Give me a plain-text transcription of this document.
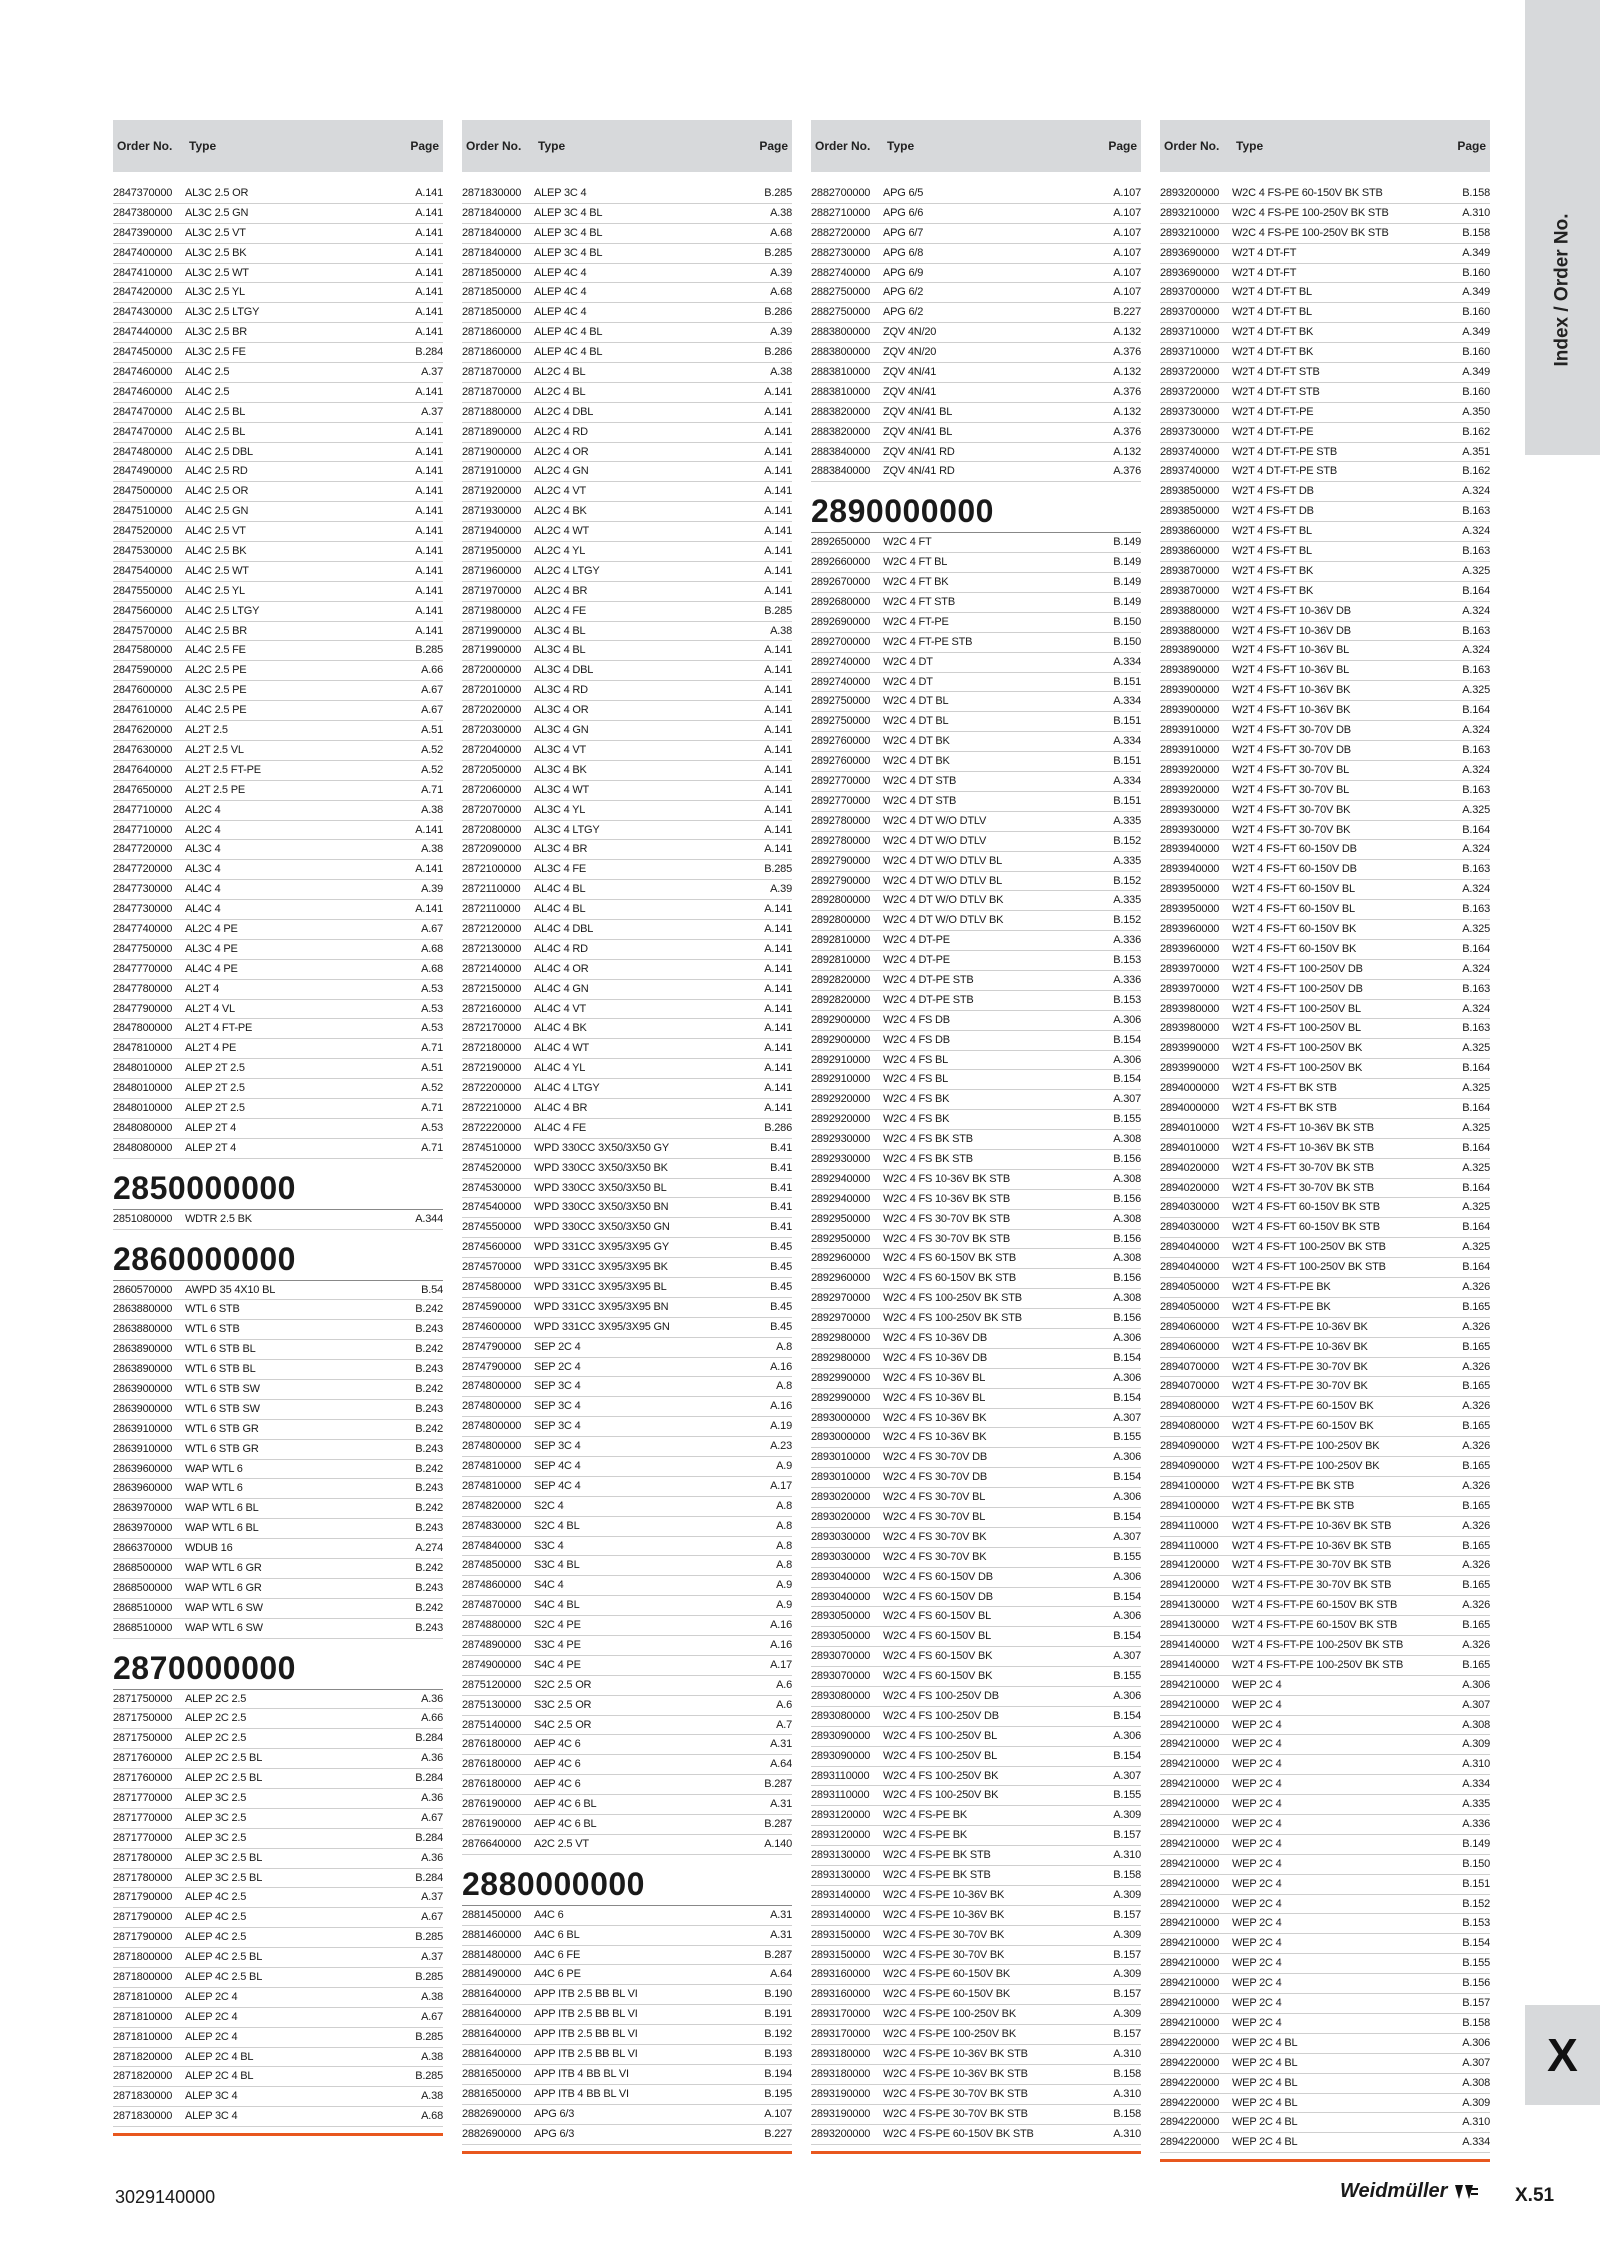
Index / Order No.
Order No.	Type	Page
2847370000	AL3C 2.5 OR	A.141
2847380000	AL3C 2.5 GN	A.141
2847390000	AL3C 2.5 VT	A.141
2847400000	AL3C 2.5 BK	A.141
2847410000	AL3C 2.5 WT	A.141
2847420000	AL3C 2.5 YL	A.141
2847430000	AL3C 2.5 LTGY	A.141
2847440000	AL3C 2.5 BR	A.141
2847450000	AL3C 2.5 FE	B.284
2847460000	AL4C 2.5	A.37
2847460000	AL4C 2.5	A.141
2847470000	AL4C 2.5 BL	A.37
2847470000	AL4C 2.5 BL	A.141
2847480000	AL4C 2.5 DBL	A.141
2847490000	AL4C 2.5 RD	A.141
2847500000	AL4C 2.5 OR	A.141
2847510000	AL4C 2.5 GN	A.141
2847520000	AL4C 2.5 VT	A.141
2847530000	AL4C 2.5 BK	A.141
2847540000	AL4C 2.5 WT	A.141
2847550000	AL4C 2.5 YL	A.141
2847560000	AL4C 2.5 LTGY	A.141
2847570000	AL4C 2.5 BR	A.141
2847580000	AL4C 2.5 FE	B.285
2847590000	AL2C 2.5 PE	A.66
2847600000	AL3C 2.5 PE	A.67
2847610000	AL4C 2.5 PE	A.67
2847620000	AL2T 2.5	A.51
2847630000	AL2T 2.5 VL	A.52
2847640000	AL2T 2.5 FT-PE	A.52
2847650000	AL2T 2.5 PE	A.71
2847710000	AL2C 4	A.38
2847710000	AL2C 4	A.141
2847720000	AL3C 4	A.38
2847720000	AL3C 4	A.141
2847730000	AL4C 4	A.39
2847730000	AL4C 4	A.141
2847740000	AL2C 4 PE	A.67
2847750000	AL3C 4 PE	A.68
2847770000	AL4C 4 PE	A.68
2847780000	AL2T 4	A.53
2847790000	AL2T 4 VL	A.53
2847800000	AL2T 4 FT-PE	A.53
2847810000	AL2T 4 PE	A.71
2848010000	ALEP 2T 2.5	A.51
2848010000	ALEP 2T 2.5	A.52
2848010000	ALEP 2T 2.5	A.71
2848080000	ALEP 2T 4	A.53
2848080000	ALEP 2T 4	A.71
2850000000
2851080000	WDTR 2.5 BK	A.344
2860000000
2860570000	AWPD 35 4X10 BL	B.54
2863880000	WTL 6 STB	B.242
2863880000	WTL 6 STB	B.243
2863890000	WTL 6 STB BL	B.242
2863890000	WTL 6 STB BL	B.243
2863900000	WTL 6 STB SW	B.242
2863900000	WTL 6 STB SW	B.243
2863910000	WTL 6 STB GR	B.242
2863910000	WTL 6 STB GR	B.243
2863960000	WAP WTL 6	B.242
2863960000	WAP WTL 6	B.243
2863970000	WAP WTL 6 BL	B.242
2863970000	WAP WTL 6 BL	B.243
2866370000	WDUB 16	A.274
2868500000	WAP WTL 6 GR	B.242
2868500000	WAP WTL 6 GR	B.243
2868510000	WAP WTL 6 SW	B.242
2868510000	WAP WTL 6 SW	B.243
2870000000
2871750000	ALEP 2C 2.5	A.36
2871750000	ALEP 2C 2.5	A.66
2871750000	ALEP 2C 2.5	B.284
2871760000	ALEP 2C 2.5 BL	A.36
2871760000	ALEP 2C 2.5 BL	B.284
2871770000	ALEP 3C 2.5	A.36
2871770000	ALEP 3C 2.5	A.67
2871770000	ALEP 3C 2.5	B.284
2871780000	ALEP 3C 2.5 BL	A.36
2871780000	ALEP 3C 2.5 BL	B.284
2871790000	ALEP 4C 2.5	A.37
2871790000	ALEP 4C 2.5	A.67
2871790000	ALEP 4C 2.5	B.285
2871800000	ALEP 4C 2.5 BL	A.37
2871800000	ALEP 4C 2.5 BL	B.285
2871810000	ALEP 2C 4	A.38
2871810000	ALEP 2C 4	A.67
2871810000	ALEP 2C 4	B.285
2871820000	ALEP 2C 4 BL	A.38
2871820000	ALEP 2C 4 BL	B.285
2871830000	ALEP 3C 4	A.38
2871830000	ALEP 3C 4	A.68
Order No.	Type	Page
2871830000	ALEP 3C 4	B.285
2871840000	ALEP 3C 4 BL	A.38
2871840000	ALEP 3C 4 BL	A.68
2871840000	ALEP 3C 4 BL	B.285
2871850000	ALEP 4C 4	A.39
2871850000	ALEP 4C 4	A.68
2871850000	ALEP 4C 4	B.286
2871860000	ALEP 4C 4 BL	A.39
2871860000	ALEP 4C 4 BL	B.286
2871870000	AL2C 4 BL	A.38
2871870000	AL2C 4 BL	A.141
2871880000	AL2C 4 DBL	A.141
2871890000	AL2C 4 RD	A.141
2871900000	AL2C 4 OR	A.141
2871910000	AL2C 4 GN	A.141
2871920000	AL2C 4 VT	A.141
2871930000	AL2C 4 BK	A.141
2871940000	AL2C 4 WT	A.141
2871950000	AL2C 4 YL	A.141
2871960000	AL2C 4 LTGY	A.141
2871970000	AL2C 4 BR	A.141
2871980000	AL2C 4 FE	B.285
2871990000	AL3C 4 BL	A.38
2871990000	AL3C 4 BL	A.141
2872000000	AL3C 4 DBL	A.141
2872010000	AL3C 4 RD	A.141
2872020000	AL3C 4 OR	A.141
2872030000	AL3C 4 GN	A.141
2872040000	AL3C 4 VT	A.141
2872050000	AL3C 4 BK	A.141
2872060000	AL3C 4 WT	A.141
2872070000	AL3C 4 YL	A.141
2872080000	AL3C 4 LTGY	A.141
2872090000	AL3C 4 BR	A.141
2872100000	AL3C 4 FE	B.285
2872110000	AL4C 4 BL	A.39
2872110000	AL4C 4 BL	A.141
2872120000	AL4C 4 DBL	A.141
2872130000	AL4C 4 RD	A.141
2872140000	AL4C 4 OR	A.141
2872150000	AL4C 4 GN	A.141
2872160000	AL4C 4 VT	A.141
2872170000	AL4C 4 BK	A.141
2872180000	AL4C 4 WT	A.141
2872190000	AL4C 4 YL	A.141
2872200000	AL4C 4 LTGY	A.141
2872210000	AL4C 4 BR	A.141
2872220000	AL4C 4 FE	B.286
2874510000	WPD 330CC 3X50/3X50 GY	B.41
2874520000	WPD 330CC 3X50/3X50 BK	B.41
2874530000	WPD 330CC 3X50/3X50 BL	B.41
2874540000	WPD 330CC 3X50/3X50 BN	B.41
2874550000	WPD 330CC 3X50/3X50 GN	B.41
2874560000	WPD 331CC 3X95/3X95 GY	B.45
2874570000	WPD 331CC 3X95/3X95 BK	B.45
2874580000	WPD 331CC 3X95/3X95 BL	B.45
2874590000	WPD 331CC 3X95/3X95 BN	B.45
2874600000	WPD 331CC 3X95/3X95 GN	B.45
2874790000	SEP 2C 4	A.8
2874790000	SEP 2C 4	A.16
2874800000	SEP 3C 4	A.8
2874800000	SEP 3C 4	A.16
2874800000	SEP 3C 4	A.19
2874800000	SEP 3C 4	A.23
2874810000	SEP 4C 4	A.9
2874810000	SEP 4C 4	A.17
2874820000	S2C 4	A.8
2874830000	S2C 4 BL	A.8
2874840000	S3C 4	A.8
2874850000	S3C 4 BL	A.8
2874860000	S4C 4	A.9
2874870000	S4C 4 BL	A.9
2874880000	S2C 4 PE	A.16
2874890000	S3C 4 PE	A.16
2874900000	S4C 4 PE	A.17
2875120000	S2C 2.5 OR	A.6
2875130000	S3C 2.5 OR	A.6
2875140000	S4C 2.5 OR	A.7
2876180000	AEP 4C 6	A.31
2876180000	AEP 4C 6	A.64
2876180000	AEP 4C 6	B.287
2876190000	AEP 4C 6 BL	A.31
2876190000	AEP 4C 6 BL	B.287
2876640000	A2C 2.5 VT	A.140
2880000000
2881450000	A4C 6	A.31
2881460000	A4C 6 BL	A.31
2881480000	A4C 6 FE	B.287
2881490000	A4C 6 PE	A.64
2881640000	APP ITB 2.5 BB BL VI	B.190
2881640000	APP ITB 2.5 BB BL VI	B.191
2881640000	APP ITB 2.5 BB BL VI	B.192
2881640000	APP ITB 2.5 BB BL VI	B.193
2881650000	APP ITB 4 BB BL VI	B.194
2881650000	APP ITB 4 BB BL VI	B.195
2882690000	APG 6/3	A.107
2882690000	APG 6/3	B.227
Order No.	Type	Page
2882700000	APG 6/5	A.107
2882710000	APG 6/6	A.107
2882720000	APG 6/7	A.107
2882730000	APG 6/8	A.107
2882740000	APG 6/9	A.107
2882750000	APG 6/2	A.107
2882750000	APG 6/2	B.227
2883800000	ZQV 4N/20	A.132
2883800000	ZQV 4N/20	A.376
2883810000	ZQV 4N/41	A.132
2883810000	ZQV 4N/41	A.376
2883820000	ZQV 4N/41 BL	A.132
2883820000	ZQV 4N/41 BL	A.376
2883840000	ZQV 4N/41 RD	A.132
2883840000	ZQV 4N/41 RD	A.376
2890000000
2892650000	W2C 4 FT	B.149
2892660000	W2C 4 FT BL	B.149
2892670000	W2C 4 FT BK	B.149
2892680000	W2C 4 FT STB	B.149
2892690000	W2C 4 FT-PE	B.150
2892700000	W2C 4 FT-PE STB	B.150
2892740000	W2C 4 DT	A.334
2892740000	W2C 4 DT	B.151
2892750000	W2C 4 DT BL	A.334
2892750000	W2C 4 DT BL	B.151
2892760000	W2C 4 DT BK	A.334
2892760000	W2C 4 DT BK	B.151
2892770000	W2C 4 DT STB	A.334
2892770000	W2C 4 DT STB	B.151
2892780000	W2C 4 DT W/O DTLV	A.335
2892780000	W2C 4 DT W/O DTLV	B.152
2892790000	W2C 4 DT W/O DTLV BL	A.335
2892790000	W2C 4 DT W/O DTLV BL	B.152
2892800000	W2C 4 DT W/O DTLV BK	A.335
2892800000	W2C 4 DT W/O DTLV BK	B.152
2892810000	W2C 4 DT-PE	A.336
2892810000	W2C 4 DT-PE	B.153
2892820000	W2C 4 DT-PE STB	A.336
2892820000	W2C 4 DT-PE STB	B.153
2892900000	W2C 4 FS DB	A.306
2892900000	W2C 4 FS DB	B.154
2892910000	W2C 4 FS BL	A.306
2892910000	W2C 4 FS BL	B.154
2892920000	W2C 4 FS BK	A.307
2892920000	W2C 4 FS BK	B.155
2892930000	W2C 4 FS BK STB	A.308
2892930000	W2C 4 FS BK STB	B.156
2892940000	W2C 4 FS 10-36V BK STB	A.308
2892940000	W2C 4 FS 10-36V BK STB	B.156
2892950000	W2C 4 FS 30-70V BK STB	A.308
2892950000	W2C 4 FS 30-70V BK STB	B.156
2892960000	W2C 4 FS 60-150V BK STB	A.308
2892960000	W2C 4 FS 60-150V BK STB	B.156
2892970000	W2C 4 FS 100-250V BK STB	A.308
2892970000	W2C 4 FS 100-250V BK STB	B.156
2892980000	W2C 4 FS 10-36V DB	A.306
2892980000	W2C 4 FS 10-36V DB	B.154
2892990000	W2C 4 FS 10-36V BL	A.306
2892990000	W2C 4 FS 10-36V BL	B.154
2893000000	W2C 4 FS 10-36V BK	A.307
2893000000	W2C 4 FS 10-36V BK	B.155
2893010000	W2C 4 FS 30-70V DB	A.306
2893010000	W2C 4 FS 30-70V DB	B.154
2893020000	W2C 4 FS 30-70V BL	A.306
2893020000	W2C 4 FS 30-70V BL	B.154
2893030000	W2C 4 FS 30-70V BK	A.307
2893030000	W2C 4 FS 30-70V BK	B.155
2893040000	W2C 4 FS 60-150V DB	A.306
2893040000	W2C 4 FS 60-150V DB	B.154
2893050000	W2C 4 FS 60-150V BL	A.306
2893050000	W2C 4 FS 60-150V BL	B.154
2893070000	W2C 4 FS 60-150V BK	A.307
2893070000	W2C 4 FS 60-150V BK	B.155
2893080000	W2C 4 FS 100-250V DB	A.306
2893080000	W2C 4 FS 100-250V DB	B.154
2893090000	W2C 4 FS 100-250V BL	A.306
2893090000	W2C 4 FS 100-250V BL	B.154
2893110000	W2C 4 FS 100-250V BK	A.307
2893110000	W2C 4 FS 100-250V BK	B.155
2893120000	W2C 4 FS-PE BK	A.309
2893120000	W2C 4 FS-PE BK	B.157
2893130000	W2C 4 FS-PE BK STB	A.310
2893130000	W2C 4 FS-PE BK STB	B.158
2893140000	W2C 4 FS-PE 10-36V BK	A.309
2893140000	W2C 4 FS-PE 10-36V BK	B.157
2893150000	W2C 4 FS-PE 30-70V BK	A.309
2893150000	W2C 4 FS-PE 30-70V BK	B.157
2893160000	W2C 4 FS-PE 60-150V BK	A.309
2893160000	W2C 4 FS-PE 60-150V BK	B.157
2893170000	W2C 4 FS-PE 100-250V BK	A.309
2893170000	W2C 4 FS-PE 100-250V BK	B.157
2893180000	W2C 4 FS-PE 10-36V BK STB	A.310
2893180000	W2C 4 FS-PE 10-36V BK STB	B.158
2893190000	W2C 4 FS-PE 30-70V BK STB	A.310
2893190000	W2C 4 FS-PE 30-70V BK STB	B.158
2893200000	W2C 4 FS-PE 60-150V BK STB	A.310
Order No.	Type	Page
2893200000	W2C 4 FS-PE 60-150V BK STB	B.158
2893210000	W2C 4 FS-PE 100-250V BK STB	A.310
2893210000	W2C 4 FS-PE 100-250V BK STB	B.158
2893690000	W2T 4 DT-FT	A.349
2893690000	W2T 4 DT-FT	B.160
2893700000	W2T 4 DT-FT BL	A.349
2893700000	W2T 4 DT-FT BL	B.160
2893710000	W2T 4 DT-FT BK	A.349
2893710000	W2T 4 DT-FT BK	B.160
2893720000	W2T 4 DT-FT STB	A.349
2893720000	W2T 4 DT-FT STB	B.160
2893730000	W2T 4 DT-FT-PE	A.350
2893730000	W2T 4 DT-FT-PE	B.162
2893740000	W2T 4 DT-FT-PE STB	A.351
2893740000	W2T 4 DT-FT-PE STB	B.162
2893850000	W2T 4 FS-FT DB	A.324
2893850000	W2T 4 FS-FT DB	B.163
2893860000	W2T 4 FS-FT BL	A.324
2893860000	W2T 4 FS-FT BL	B.163
2893870000	W2T 4 FS-FT BK	A.325
2893870000	W2T 4 FS-FT BK	B.164
2893880000	W2T 4 FS-FT 10-36V DB	A.324
2893880000	W2T 4 FS-FT 10-36V DB	B.163
2893890000	W2T 4 FS-FT 10-36V BL	A.324
2893890000	W2T 4 FS-FT 10-36V BL	B.163
2893900000	W2T 4 FS-FT 10-36V BK	A.325
2893900000	W2T 4 FS-FT 10-36V BK	B.164
2893910000	W2T 4 FS-FT 30-70V DB	A.324
2893910000	W2T 4 FS-FT 30-70V DB	B.163
2893920000	W2T 4 FS-FT 30-70V BL	A.324
2893920000	W2T 4 FS-FT 30-70V BL	B.163
2893930000	W2T 4 FS-FT 30-70V BK	A.325
2893930000	W2T 4 FS-FT 30-70V BK	B.164
2893940000	W2T 4 FS-FT 60-150V DB	A.324
2893940000	W2T 4 FS-FT 60-150V DB	B.163
2893950000	W2T 4 FS-FT 60-150V BL	A.324
2893950000	W2T 4 FS-FT 60-150V BL	B.163
2893960000	W2T 4 FS-FT 60-150V BK	A.325
2893960000	W2T 4 FS-FT 60-150V BK	B.164
2893970000	W2T 4 FS-FT 100-250V DB	A.324
2893970000	W2T 4 FS-FT 100-250V DB	B.163
2893980000	W2T 4 FS-FT 100-250V BL	A.324
2893980000	W2T 4 FS-FT 100-250V BL	B.163
2893990000	W2T 4 FS-FT 100-250V BK	A.325
2893990000	W2T 4 FS-FT 100-250V BK	B.164
2894000000	W2T 4 FS-FT BK STB	A.325
2894000000	W2T 4 FS-FT BK STB	B.164
2894010000	W2T 4 FS-FT 10-36V BK STB	A.325
2894010000	W2T 4 FS-FT 10-36V BK STB	B.164
2894020000	W2T 4 FS-FT 30-70V BK STB	A.325
2894020000	W2T 4 FS-FT 30-70V BK STB	B.164
2894030000	W2T 4 FS-FT 60-150V BK STB	A.325
2894030000	W2T 4 FS-FT 60-150V BK STB	B.164
2894040000	W2T 4 FS-FT 100-250V BK STB	A.325
2894040000	W2T 4 FS-FT 100-250V BK STB	B.164
2894050000	W2T 4 FS-FT-PE BK	A.326
2894050000	W2T 4 FS-FT-PE BK	B.165
2894060000	W2T 4 FS-FT-PE 10-36V BK	A.326
2894060000	W2T 4 FS-FT-PE 10-36V BK	B.165
2894070000	W2T 4 FS-FT-PE 30-70V BK	A.326
2894070000	W2T 4 FS-FT-PE 30-70V BK	B.165
2894080000	W2T 4 FS-FT-PE 60-150V BK	A.326
2894080000	W2T 4 FS-FT-PE 60-150V BK	B.165
2894090000	W2T 4 FS-FT-PE 100-250V BK	A.326
2894090000	W2T 4 FS-FT-PE 100-250V BK	B.165
2894100000	W2T 4 FS-FT-PE BK STB	A.326
2894100000	W2T 4 FS-FT-PE BK STB	B.165
2894110000	W2T 4 FS-FT-PE 10-36V BK STB	A.326
2894110000	W2T 4 FS-FT-PE 10-36V BK STB	B.165
2894120000	W2T 4 FS-FT-PE 30-70V BK STB	A.326
2894120000	W2T 4 FS-FT-PE 30-70V BK STB	B.165
2894130000	W2T 4 FS-FT-PE 60-150V BK STB	A.326
2894130000	W2T 4 FS-FT-PE 60-150V BK STB	B.165
2894140000	W2T 4 FS-FT-PE 100-250V BK STB	A.326
2894140000	W2T 4 FS-FT-PE 100-250V BK STB	B.165
2894210000	WEP 2C 4	A.306
2894210000	WEP 2C 4	A.307
2894210000	WEP 2C 4	A.308
2894210000	WEP 2C 4	A.309
2894210000	WEP 2C 4	A.310
2894210000	WEP 2C 4	A.334
2894210000	WEP 2C 4	A.335
2894210000	WEP 2C 4	A.336
2894210000	WEP 2C 4	B.149
2894210000	WEP 2C 4	B.150
2894210000	WEP 2C 4	B.151
2894210000	WEP 2C 4	B.152
2894210000	WEP 2C 4	B.153
2894210000	WEP 2C 4	B.154
2894210000	WEP 2C 4	B.155
2894210000	WEP 2C 4	B.156
2894210000	WEP 2C 4	B.157
2894210000	WEP 2C 4	B.158
2894220000	WEP 2C 4 BL	A.306
2894220000	WEP 2C 4 BL	A.307
2894220000	WEP 2C 4 BL	A.308
2894220000	WEP 2C 4 BL	A.309
2894220000	WEP 2C 4 BL	A.310
2894220000	WEP 2C 4 BL	A.334
X
3029140000	Weidmüller	X.51
